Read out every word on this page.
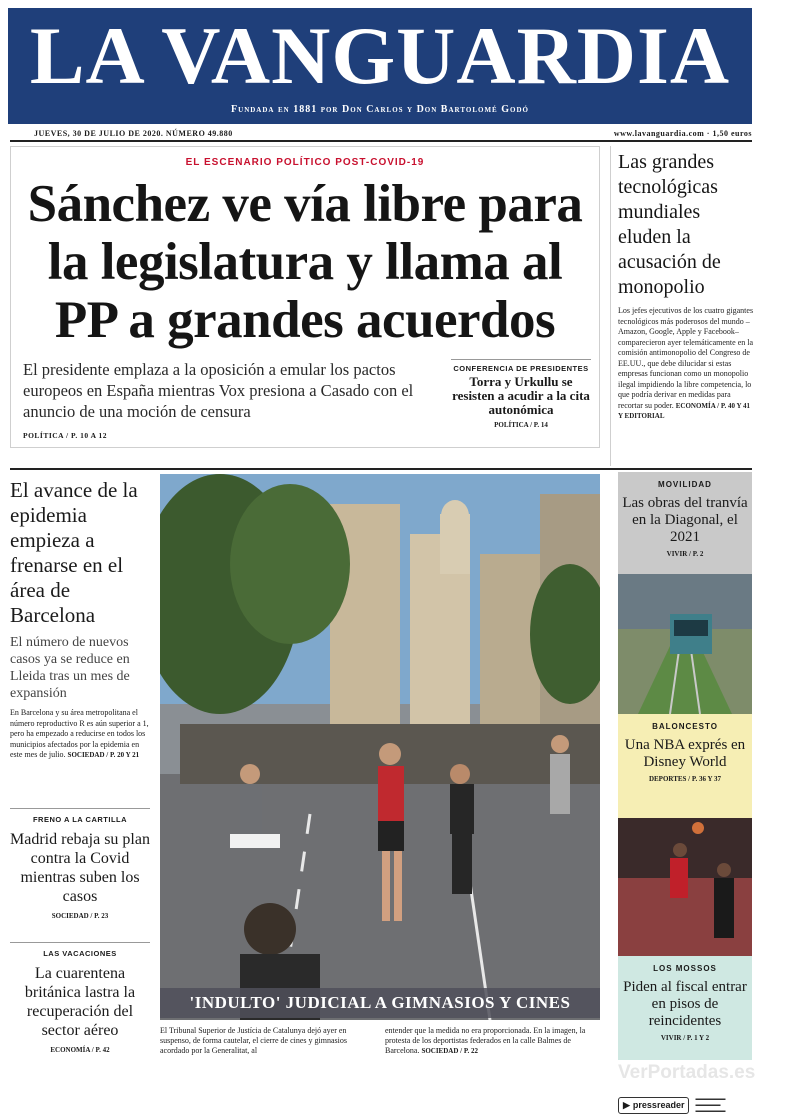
LA VANGUARDIA
Fundada en 1881 por Don Carlos y Don Bartolomé Godó
JUEVES, 30 DE JULIO DE 2020. NÚMERO 49.880	www.lavanguardia.com · 1,50 euros
EL ESCENARIO POLÍTICO POST-COVID-19
Sánchez ve vía libre para la legislatura y llama al PP a grandes acuerdos
El presidente emplaza a la oposición a emular los pactos europeos en España mientras Vox presiona a Casado con el anuncio de una moción de censura
POLÍTICA / P. 10 A 12
CONFERENCIA DE PRESIDENTES
Torra y Urkullu se resisten a acudir a la cita autonómica
POLÍTICA / P. 14
Las grandes tecnológicas mundiales eluden la acusación de monopolio

Los jefes ejecutivos de los cuatro gigantes tecnológicos más poderosos del mundo –Amazon, Google, Apple y Facebook– comparecieron ayer telemáticamente en la comisión antimonopolio del Congreso de EE.UU., que debe dilucidar si estas empresas funcionan como un monopolio ilegal impidiendo la libre competencia, lo que podría derivar en medidas para recortar su poder. ECONOMÍA / P. 40 Y 41 Y EDITORIAL

El avance de la epidemia empieza a frenarse en el área de Barcelona
El número de nuevos casos ya se reduce en Lleida tras un mes de expansión
En Barcelona y su área metropolitana el número reproductivo R es aún superior a 1, pero ha empezado a reducirse en todos los municipios afectados por la epidemia en este mes de julio. SOCIEDAD / P. 20 Y 21
FRENO A LA CARTILLA
Madrid rebaja su plan contra la Covid mientras suben los casos
SOCIEDAD / P. 23
LAS VACACIONES
La cuarentena británica lastra la recuperación del sector aéreo
ECONOMÍA / P. 42
'INDULTO' JUDICIAL A GIMNASIOS Y CINES
El Tribunal Superior de Justícia de Catalunya dejó ayer en suspenso, de forma cautelar, el cierre de cines y gimnasios acordado por la Generalitat, al
entender que la medida no era proporcionada. En la imagen, la protesta de los deportistas federados en la calle Balmes de Barcelona. SOCIEDAD / P. 22
MOVILIDAD
Las obras del tranvía en la Diagonal, el 2021
VIVIR / P. 2
BALONCESTO
Una NBA exprés en Disney World
DEPORTES / P. 36 Y 37
LOS MOSSOS
Piden al fiscal entrar en pisos de reincidentes
VIVIR / P. 1 Y 2
VerPortadas.es
▶ pressreader
▬▬▬▬▬▬
▬▬▬▬▬
▬▬▬▬▬▬
